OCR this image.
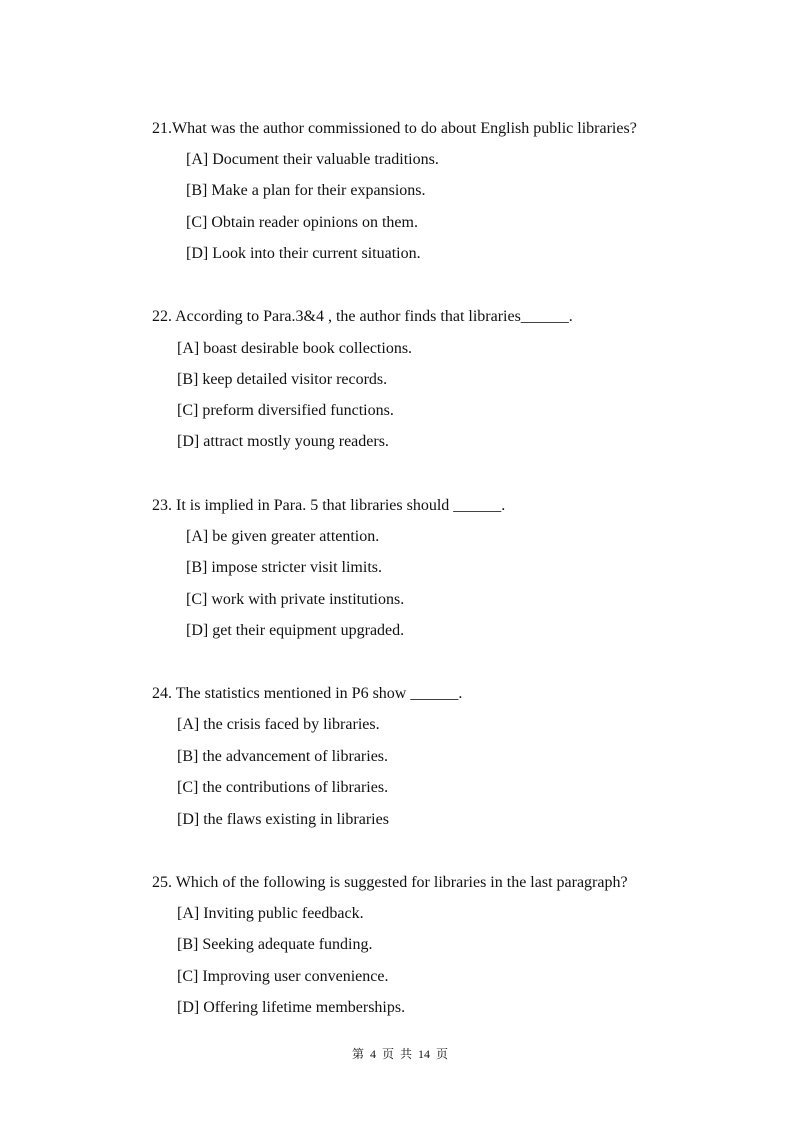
21.What was the author commissioned to do about English public libraries?
[A] Document their valuable traditions.
[B] Make a plan for their expansions.
[C] Obtain reader opinions on them.
[D] Look into their current situation.
22. According to Para.3&4 , the author finds that libraries______.
[A] boast desirable book collections.
[B] keep detailed visitor records.
[C] preform diversified functions.
[D] attract mostly young readers.
23. It is implied in Para. 5 that libraries should ______.
[A] be given greater attention.
[B] impose stricter visit limits.
[C] work with private institutions.
[D] get their equipment upgraded.
24. The statistics mentioned in P6 show ______.
[A] the crisis faced by libraries.
[B] the advancement of libraries.
[C] the contributions of libraries.
[D] the flaws existing in libraries
25. Which of the following is suggested for libraries in the last paragraph?
[A] Inviting public feedback.
[B] Seeking adequate funding.
[C] Improving user convenience.
[D] Offering lifetime memberships.
第 4 页 共 14 页
